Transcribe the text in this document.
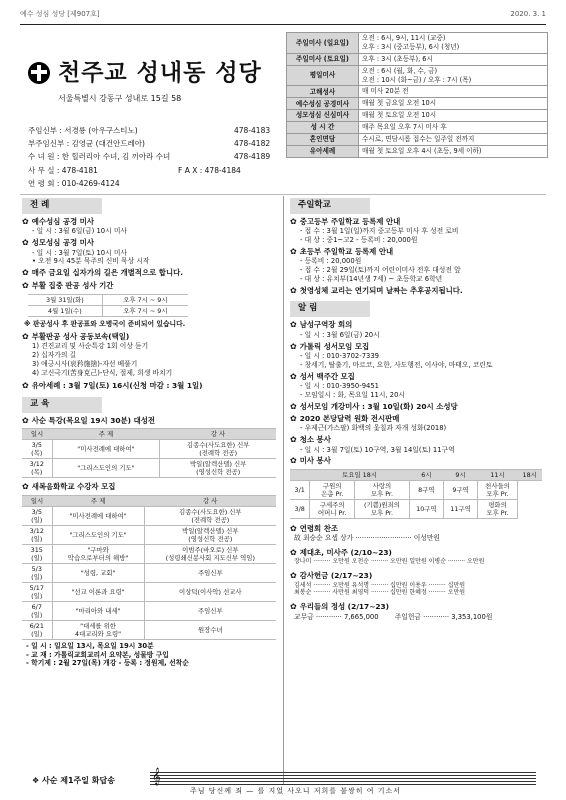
예수 성심 성당 [제907호]	2020. 3. 1
천주교 성내동 성당
서울특별시 강동구 성내로 15길 58
주임신부 : 서경룡 (아우구스티노)	478-4183
부주임신부 : 김영균 (대건안드레아)	478-4182
수 녀 원 : 한 힐러리아 수녀, 김 끼아라 수녀	478-4189
사 무 실 : 478-4181	F A X : 478-4184
연 령 회 : 010-4269-4124
주일미사 (일요일)	오전 : 6시, 9시, 11시 (교중)
오후 : 3시 (중고등부), 6시 (청년)

주일미사 (토요일)	오후 : 3시 (초등부), 6시

평일미사	오전 : 6시 (월, 화, 수, 금)
오전 : 10시 (화~금) / 오후 : 7시 (목)

고해성사	매 미사 20분 전

예수성심 공경미사	매월 첫 금요일 오전 10시

성모성심 신심미사	매월 첫 토요일 오전 10시

성 시 간	매주 목요일 오후 7시 미사 후

혼인면담	수시로, 면담시롭 접수는 일주일 전까지

유아세례	매월 첫 토요일 오후 4시 (초등, 9세 이하)
전 례
✿ 예수성심 공경 미사
- 일 시 : 3월 6일(금) 10시 미사
✿ 성모성심 공경 미사
- 일 시 : 3월 7일(토) 10시 미사
• 오전 9시 45분 묵주의 신비 묵상 시작
✿ 매주 금요일 십자가의 길은 개별적으로 합니다.
✿ 부활 집중 판공 성사 기간
3월 31일(화)	오후 7시 ~ 9시
4월 1일(수)	오후 7시 ~ 9시
※ 판공성사 후 판공표와 오병국이 준비되어 있습니다.
✿ 부활판공 성사 공동보속(택일)
1) 견진교리 및 사순특강 1회 이상 듣기
2) 십자가의 길
3) 애긍시사(哀矜施捨)-자선 베풀기
4) 고신극기(苦身克己)-단식, 절제, 희생 바치기
✿ 유아세례 : 3월 7일(토) 16시(신청 마감 : 3월 1일)
교 육
✿ 사순 특강(목요일 19시 30분) 대성전
일시	주 제	강 사
3/5
(목)	"미사전례에 대하여"	김종수(사도요한) 신부
(전례학 전공)
3/12
(목)	"그리스도인의 기도"	박일(알렉산델) 신부
(영성신학 전공)
✿ 새복음화학교 수강자 모집
일시	주 제	강 사
3/5
(일)	"미사전례에 대하여"	김종수(사도요한) 신부
(전례학 전공)
3/12
(일)	"그리스도인의 기도"	박일(알렉산델) 신부
(영성신학 전공)
315
(일)	"구마와
악습으로부터의 해방"	이범주(바오로) 신부
(성령쇄신봉사회 지도신부 역임)
5/3
(일)	"성령, 교회"	주임신부
5/17
(일)	"선교 이론과 요령"	이상덕(이사악) 선교사
6/7
(일)	"마리아와 내세"	주임신부
6/21
(일)	"대세를 위한
4대교리와 요령"	원장수녀
- 일 시 : 일요일 13시, 목요일 19시 30분
- 교 재 : 가톨릭교회교리서 요약본, 성물방 구입
- 학기제 : 2월 27일(목) 개강 - 등록 : 정원제, 선착순
주일학교
✿ 중고등부 주일학교 등록제 안내
- 접 수 : 3월 1일(일)까지 중고등부 미사 후 성전 로비
- 대 상 : 중1~고2 - 등록비 : 20,000원
✿ 초등부 주일학교 등록제 안내
- 등록비 : 20,000원
- 접 수 : 2월 29일(토)까지 어린이미사 전후 대성전 앞
- 대 상 : 유치부(14년생 7세) ~ 초등학교 6학년
✿ 첫영성체 교리는 연기되며 날짜는 추후공지됩니다.
알 림
✿ 남성구역장 회의
- 일 시 : 3월 6일(금) 20시
✿ 가톨릭 성서모임 모집
- 일 시 : 010-3702-7339
- 창세기, 탈출기, 마르코, 요한, 사도행전, 이사야, 마태오, 코린토
✿ 성서 백주간 모집
- 일 시 : 010-3950-9451
- 모임일시 : 화, 목요일 11시, 20시
✿ 성서모임 개강미사 : 3월 10일(화) 20시 소성당
✿ 2020 본당달력 원화 전시판매
- 우제근(가스팔) 화백의 옻칠과 자개 성화(2018)
✿ 청소 봉사
- 일 시 : 3월 7일(토) 10구역, 3월 14일(토) 11구역
✿ 미사 봉사
	토요일 18시		6시	9시	11시	18시
3/1	구원의
은총 Pr.	사랑의
모후 Pr.	8구역	9구역	천사들의
모후 Pr.	
3/8	구세주의
어머니 Pr.	(기쁨)원죄의
모후 Pr.	10구역	11구역	평화의
모후 Pr.	
✿ 연령회 찬조
故 최승순 요셉 상가 ·························· 이성만원
✿ 제대초, 미사주 (2/10~23)
장나미 ········· 오만원 오천순 ········· 오만원 일만원 이병순 ········· 오만원
✿ 감사헌금 (2/17~23)
김세석 ········· 오만원 유석명 ········· 십만원 이용우 ········· 십만원
최봉순 ········· 사만원 최영덕 ········· 십만원 한혜정 ········· 오만원
✿ 우리들의 정성 (2/17~23)
교무금 ············ 7,665,000 주일헌금 ············ 3,353,100원
❖ 사순 제1주일 화답송 𝄞
주님 당신께 죄 — 를 지었 사오니 저희를 불쌍히 여 기소서
